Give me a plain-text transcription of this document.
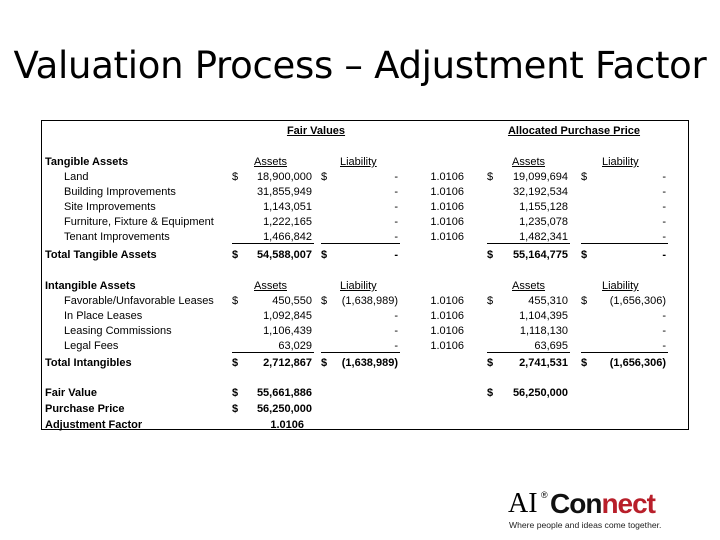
Valuation Process – Adjustment Factor
Fair Values	Allocated Purchase Price
Tangible Assets	Assets	Liability	Assets	Liability
Land	$	18,900,000 $	-	1.0106 $	19,099,694 $	-
Building Improvements	31,855,949	-	1.0106	32,192,534	-
Site Improvements	1,143,051	-	1.0106	1,155,128	-
Furniture, Fixture & Equipment	1,222,165	-	1.0106	1,235,078	-
Tenant Improvements	1,466,842	-	1.0106	1,482,341	-
Total Tangible Assets	$	54,588,007 $	-	$	55,164,775 $	-
Intangible Assets	Assets	Liability	Assets	Liability
Favorable/Unfavorable Leases $	450,550 $	(1,638,989)	1.0106 $	455,310 $	(1,656,306)
In Place Leases	1,092,845	-	1.0106	1,104,395	-
Leasing Commissions	1,106,439	-	1.0106	1,118,130	-
Legal Fees	63,029	-	1.0106	63,695	-
Total Intangibles	$	2,712,867 $	(1,638,989)	$	2,741,531 $	(1,656,306)
Fair Value	$	55,661,886	$	56,250,000
Purchase Price	$	56,250,000
Adjustment Factor	1.0106
AI ® Connect
Where people and ideas come together.
